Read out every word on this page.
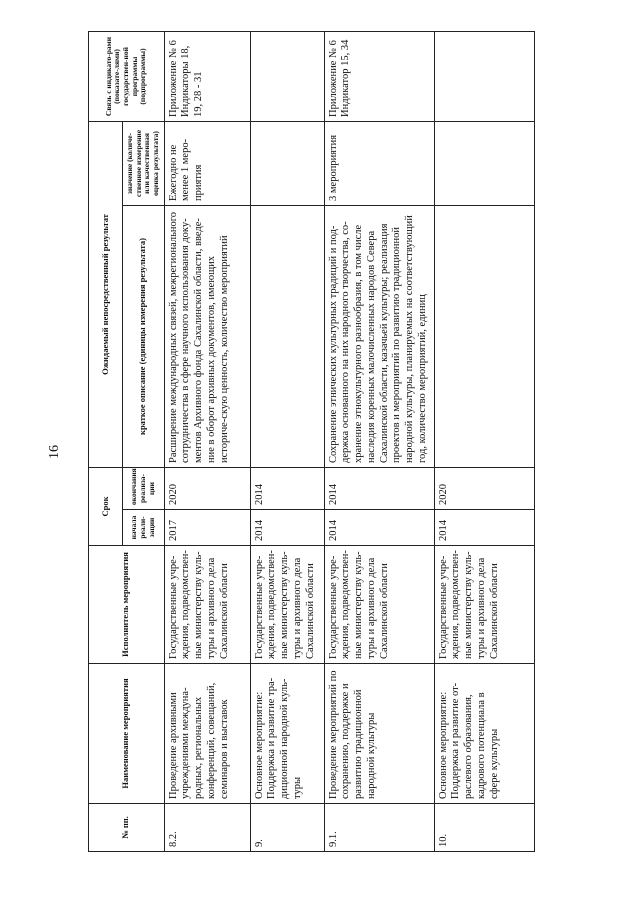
16
№ пп.	Наименование мероприятия	Исполнитель мероприятия	Срок		Ожидаемый непосредственный результат		Связь с индикато-рами (показате-лями) государствен-ной программы (подпрограммы)
			начала реали-зации	окончания реализа-ции	краткое описание (единицы измерения результата)	значение (количе-ственное измерение или качественная оценка результата)	
8.2.	Проведение архивными учреждениями междуна-родных, региональных конференций, совещаний, семинаров и выставок	Государственные учре-ждения, подведомствен-ные министерству куль-туры и архивного дела Сахалинской области	2017	2020	Расширение международных связей, межрегионального сотрудничества в сфере научного использования доку-ментов Архивного фонда Сахалинской области, введе-ние в оборот архивных документов, имеющих историче-скую ценность, количество мероприятий	Ежегодно не менее 1 меро-приятия	Приложение № 6 Индикаторы 18, 19, 28 - 31
9.	Основное мероприятие: Поддержка и развитие тра-диционной народной куль-туры	Государственные учре-ждения, подведомствен-ные министерству куль-туры и архивного дела Сахалинской области	2014	2014			
9.1.	Проведение мероприятий по сохранению, поддержке и развитию традиционной народной культуры	Государственные учре-ждения, подведомствен-ные министерству куль-туры и архивного дела Сахалинской области	2014	2014	Сохранение этнических культурных традиций и под-держка основанного на них народного творчества, со-хранение этнокультурного разнообразия, в том числе наследия коренных малочисленных народов Севера Сахалинской области, казачьей культуры; реализация проектов и мероприятий по развитию традиционной народной культуры, планируемых на соответствующий год, количество мероприятий, единиц	3 мероприятия	Приложение № 6 Индикатор 15, 34
10.	Основное мероприятие: Поддержка и развитие от-раслевого образования, кадрового потенциала в сфере культуры	Государственные учре-ждения, подведомствен-ные министерству куль-туры и архивного дела Сахалинской области	2014	2020			
